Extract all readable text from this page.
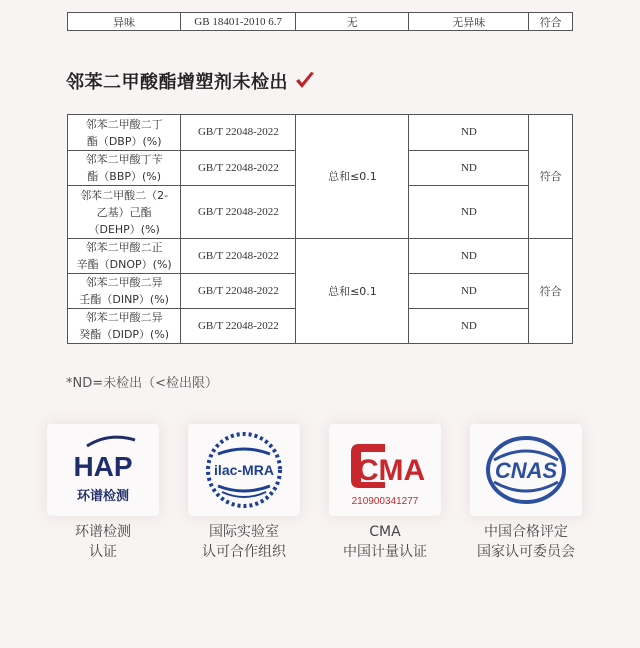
异味	GB 18401-2010 6.7	无	无异味	符合
邻苯二甲酸酯增塑剂未检出
邻苯二甲酸二丁
酯（DBP）(%)	GB/T 22048-2022	总和≤0.1	ND	符合

邻苯二甲酸丁苄
酯（BBP）(%)	GB/T 22048-2022		ND	

邻苯二甲酸二（2-
乙基）己酯
（DEHP）(%)	GB/T 22048-2022		ND	

邻苯二甲酸二正
辛酯（DNOP）(%)	GB/T 22048-2022	总和≤0.1	ND	符合

邻苯二甲酸二异
壬酯（DINP）(%)	GB/T 22048-2022		ND	

邻苯二甲酸二异
癸酯（DIDP）(%)	GB/T 22048-2022		ND	
*ND=未检出（<检出限）
HAP
环谱检测
ilac-MRA	CMA
210900341277
CNAS
环谱检测
认证
国际实验室
认可合作组织
CMA
中国计量认证
中国合格评定
国家认可委员会
